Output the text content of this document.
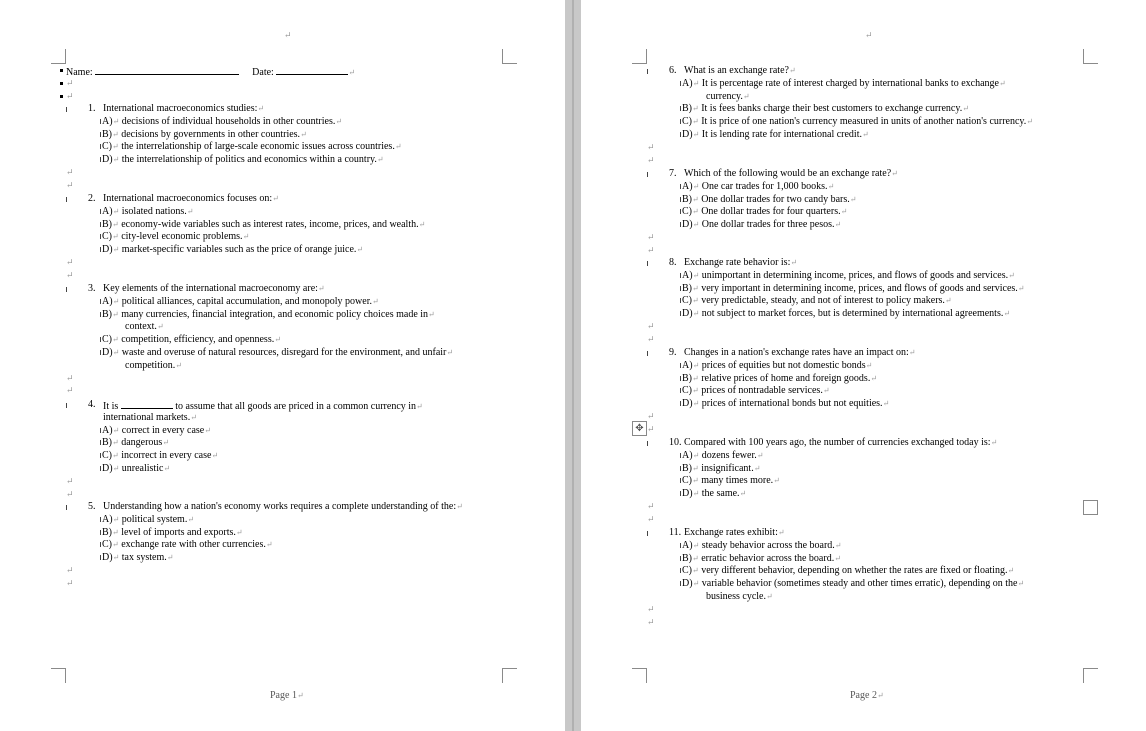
↵
Name:	Date:	↵
↵
↵
1. International macroeconomics studies:↵
A)↵ decisions of individual households in other countries.↵
B)↵ decisions by governments in other countries.↵
C)↵ the interrelationship of large-scale economic issues across countries.↵
D)↵ the interrelationship of politics and economics within a country.↵
↵
↵
2. International macroeconomics focuses on:↵
A)↵ isolated nations.↵
B)↵ economy-wide variables such as interest rates, income, prices, and wealth.↵
C)↵ city-level economic problems.↵
D)↵ market-specific variables such as the price of orange juice.↵
↵
↵
3. Key elements of the international macroeconomy are:↵
A)↵ political alliances, capital accumulation, and monopoly power.↵
B)↵ many currencies, financial integration, and economic policy choices made in↵
context.↵
C)↵ competition, efficiency, and openness.↵
D)↵ waste and overuse of natural resources, disregard for the environment, and unfair↵
competition.↵
↵
↵
4. It is	to assume that all goods are priced in a common currency in↵
international markets.↵
A)↵ correct in every case↵
B)↵ dangerous↵
C)↵ incorrect in every case↵
D)↵ unrealistic↵
↵
↵
5. Understanding how a nation's economy works requires a complete understanding of the:↵
A)↵ political system.↵
B)↵ level of imports and exports.↵
C)↵ exchange rate with other currencies.↵
D)↵ tax system.↵
↵
↵
Page 1↵
↵
✥
6. What is an exchange rate?↵
A)↵ It is percentage rate of interest charged by international banks to exchange↵
currency.↵
B)↵ It is fees banks charge their best customers to exchange currency.↵
C)↵ It is price of one nation's currency measured in units of another nation's currency.↵
D)↵ It is lending rate for international credit.↵
↵
↵
7. Which of the following would be an exchange rate?↵
A)↵ One car trades for 1,000 books.↵
B)↵ One dollar trades for two candy bars.↵
C)↵ One dollar trades for four quarters.↵
D)↵ One dollar trades for three pesos.↵
↵
↵
8. Exchange rate behavior is:↵
A)↵ unimportant in determining income, prices, and flows of goods and services.↵
B)↵ very important in determining income, prices, and flows of goods and services.↵
C)↵ very predictable, steady, and not of interest to policy makers.↵
D)↵ not subject to market forces, but is determined by international agreements.↵
↵
↵
9. Changes in a nation's exchange rates have an impact on:↵
A)↵ prices of equities but not domestic bonds↵
B)↵ relative prices of home and foreign goods.↵
C)↵ prices of nontradable services.↵
D)↵ prices of international bonds but not equities.↵
↵
↵
10. Compared with 100 years ago, the number of currencies exchanged today is:↵
A)↵ dozens fewer.↵
B)↵ insignificant.↵
C)↵ many times more.↵
D)↵ the same.↵
↵
↵
11. Exchange rates exhibit:↵
A)↵ steady behavior across the board.↵
B)↵ erratic behavior across the board.↵
C)↵ very different behavior, depending on whether the rates are fixed or floating.↵
D)↵ variable behavior (sometimes steady and other times erratic), depending on the↵
business cycle.↵
↵
↵
Page 2↵
